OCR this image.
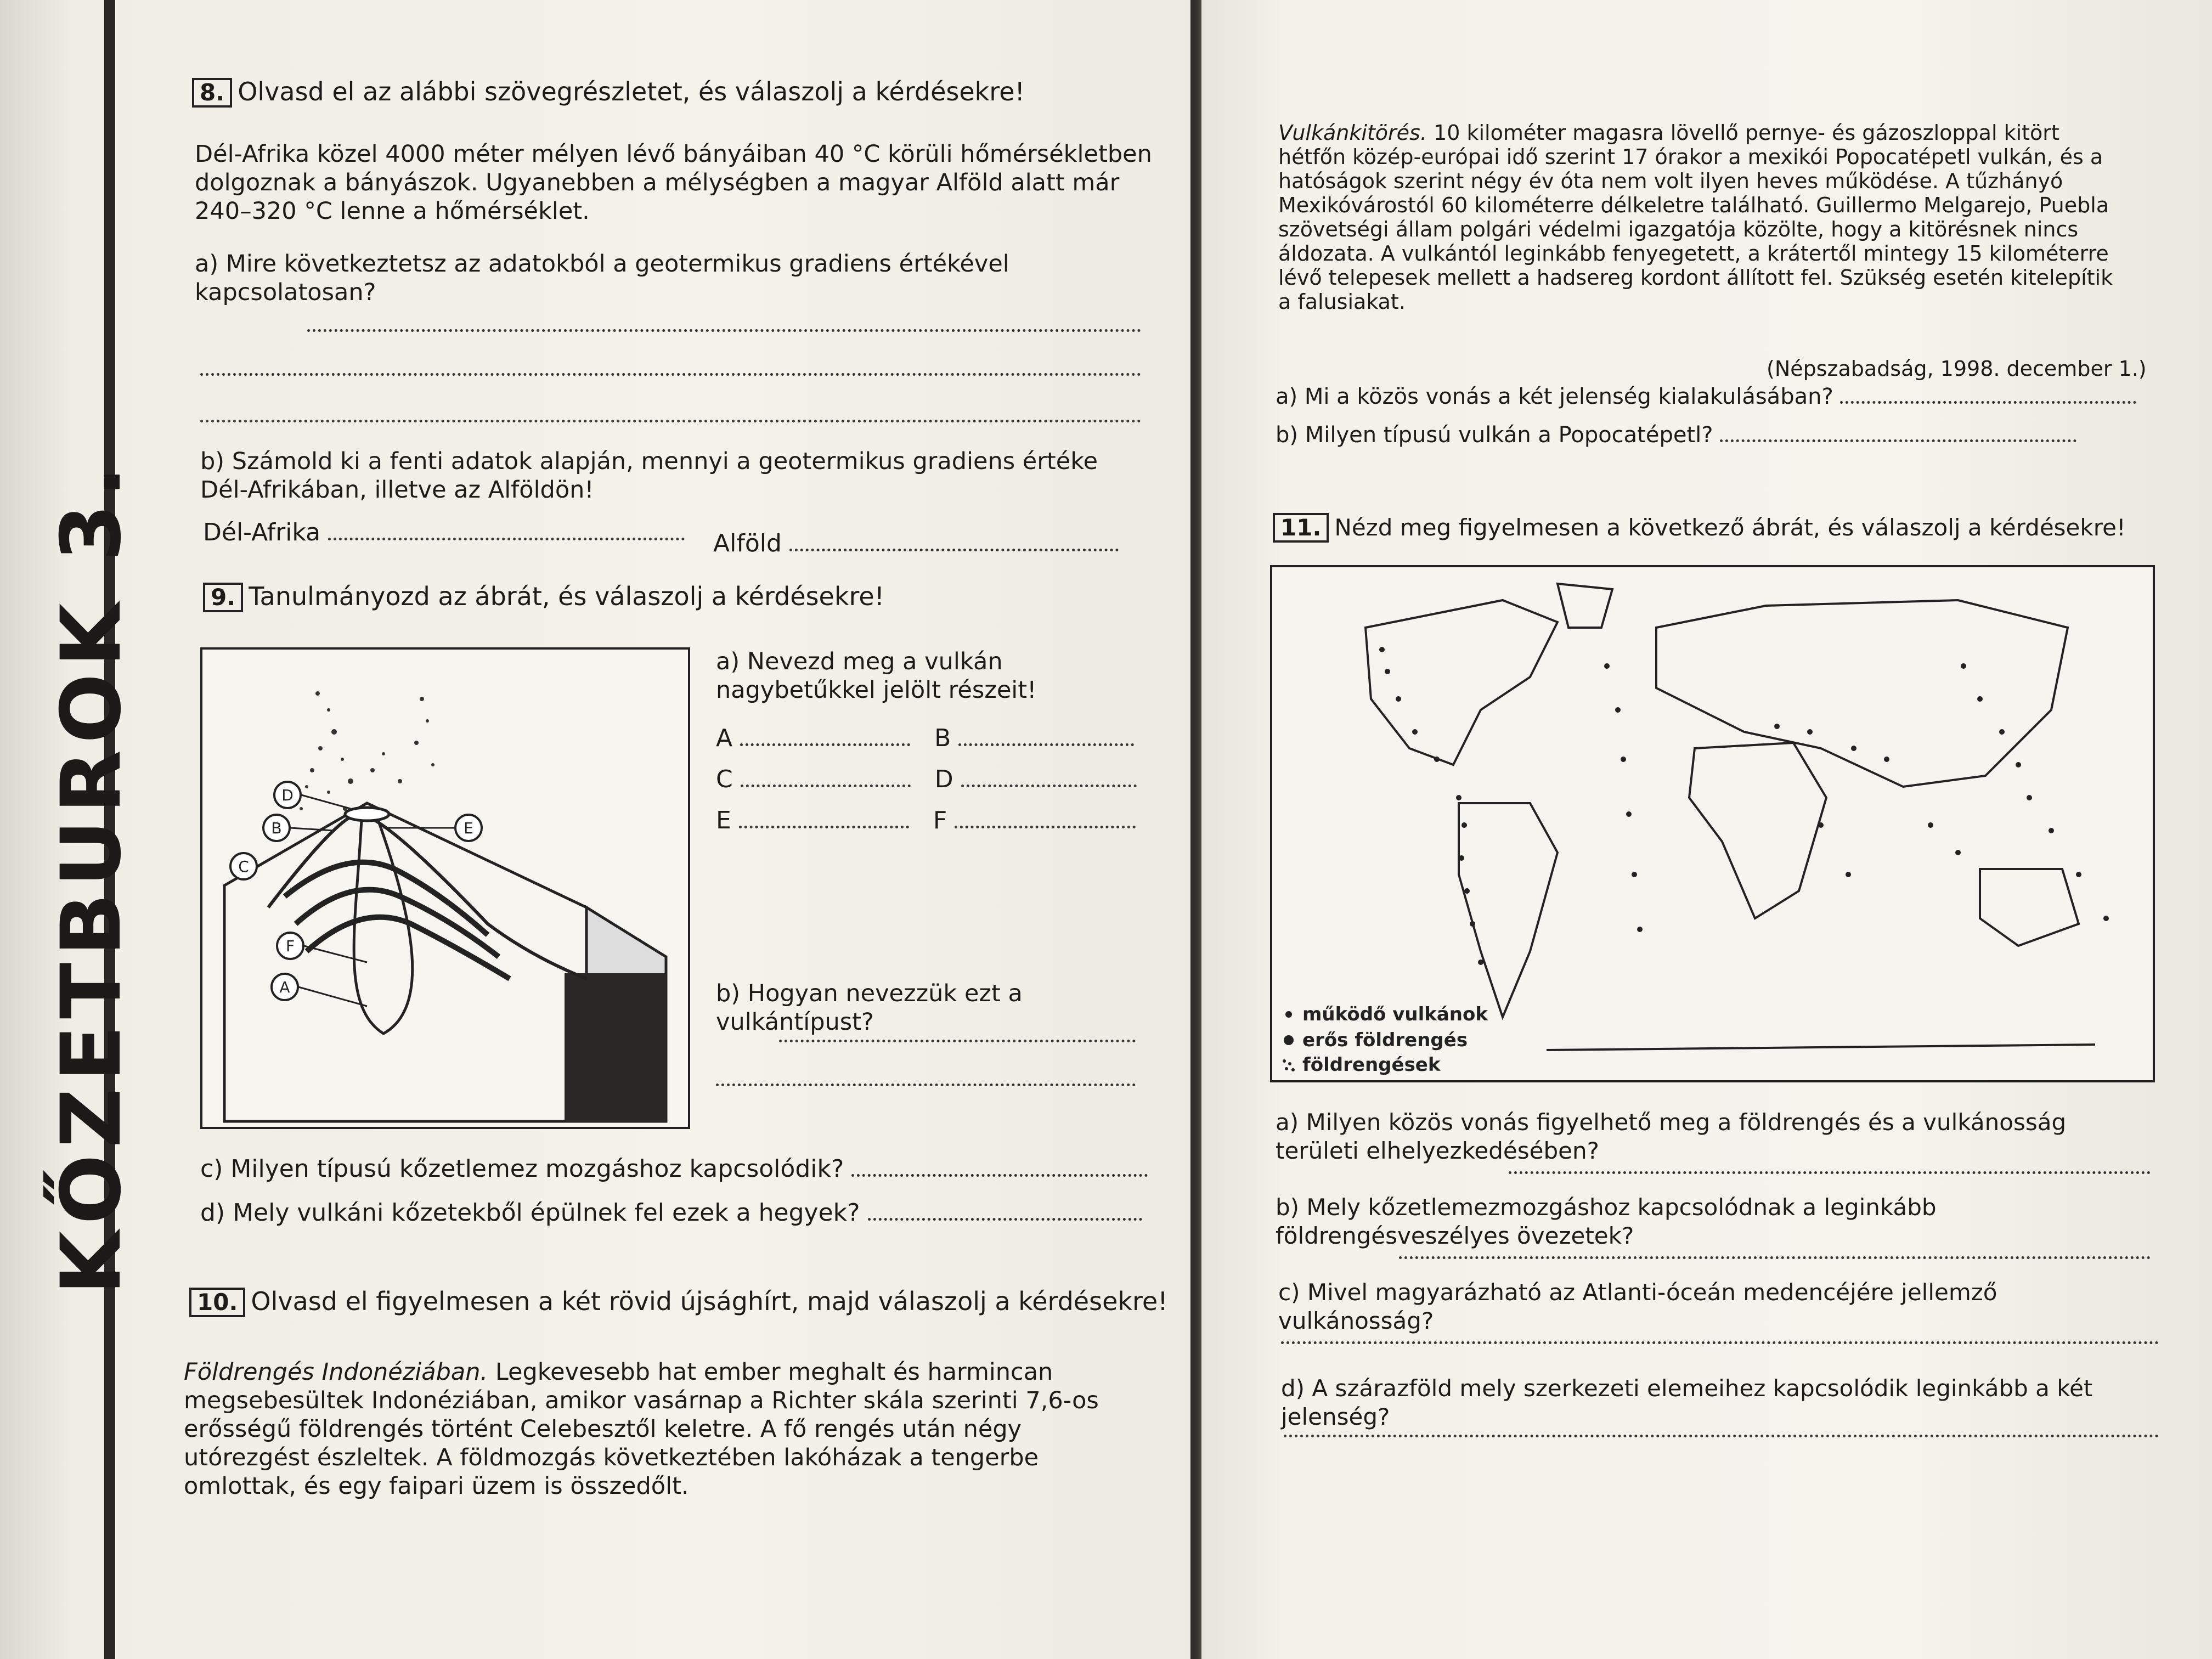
KŐZETBUROK 3.
8. Olvasd el az alábbi szövegrészletet, és válaszolj a kérdésekre!
Dél-Afrika közel 4000 méter mélyen lévő bányáiban 40 °C körüli hőmérsékletben dolgoznak a bányászok. Ugyanebben a mélységben a magyar Alföld alatt már 240–320 °C lenne a hőmérséklet.
a) Mire következtetsz az adatokból a geotermikus gradiens értékével kapcsolatosan?
b) Számold ki a fenti adatok alapján, mennyi a geotermikus gradiens értéke Dél-Afrikában, illetve az Alföldön!
Dél-Afrika	Alföld
9. Tanulmányozd az ábrát, és válaszolj a kérdésekre!
D
B	E
C
F
A
a) Nevezd meg a vulkán nagybetűkkel jelölt részeit!
A	B
C	D
E	F
b) Hogyan nevezzük ezt a vulkántípust?
c) Milyen típusú kőzetlemez mozgáshoz kapcsolódik?
d) Mely vulkáni kőzetekből épülnek fel ezek a hegyek?
10. Olvasd el figyelmesen a két rövid újsághírt, majd válaszolj a kérdésekre!
Földrengés Indonéziában. Legkevesebb hat ember meghalt és harmincan megsebesültek Indonéziában, amikor vasárnap a Richter skála szerinti 7,6-os erősségű földrengés történt Celebesztől keletre. A fő rengés után négy utórezgést észleltek. A földmozgás következtében lakóházak a tengerbe omlottak, és egy faipari üzem is összedőlt.
Vulkánkitörés. 10 kilométer magasra lövellő pernye- és gázoszloppal kitört hétfőn közép-európai idő szerint 17 órakor a mexikói Popocatépetl vulkán, és a hatóságok szerint négy év óta nem volt ilyen heves működése. A tűzhányó Mexikóvárostól 60 kilométerre délkeletre található. Guillermo Melgarejo, Puebla szövetségi állam polgári védelmi igazgatója közölte, hogy a kitörésnek nincs áldozata. A vulkántól leginkább fenyegetett, a krátertől mintegy 15 kilométerre lévő telepesek mellett a hadsereg kordont állított fel. Szükség esetén kitelepítik a falusiakat.
(Népszabadság, 1998. december 1.)
a) Mi a közös vonás a két jelenség kialakulásában?
b) Milyen típusú vulkán a Popocatépetl?
11. Nézd meg figyelmesen a következő ábrát, és válaszolj a kérdésekre!
működő vulkánok
erős földrengés
földrengések
a) Milyen közös vonás figyelhető meg a földrengés és a vulkánosság területi elhelyezkedésében?
b) Mely kőzetlemezmozgáshoz kapcsolódnak a leginkább földrengésveszélyes övezetek?
c) Mivel magyarázható az Atlanti-óceán medencéjére jellemző vulkánosság?
d) A szárazföld mely szerkezeti elemeihez kapcsolódik leginkább a két jelenség?
